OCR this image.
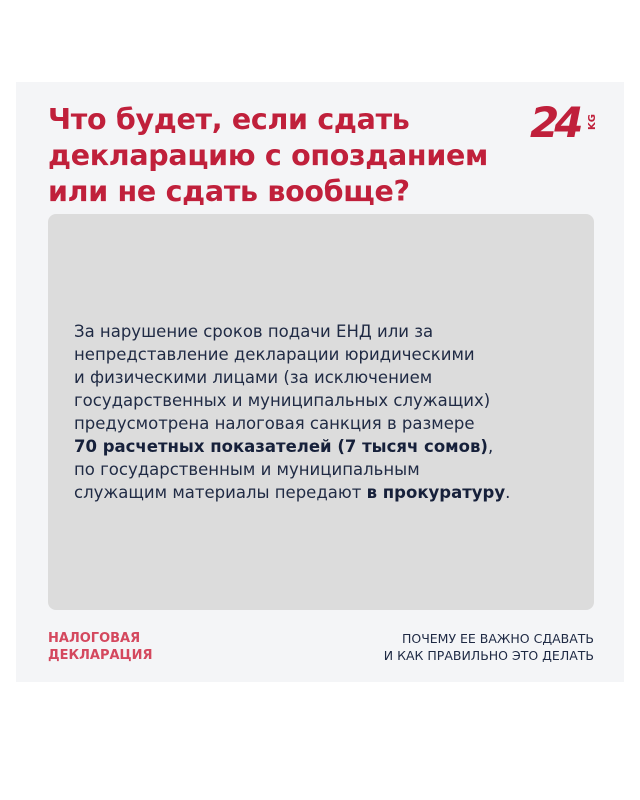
Что будет, если сдать
декларацию с опозданием
или не сдать вообще?
24 KG

За нарушение сроков подачи ЕНД или за
непредставление декларации юридическими
и физическими лицами (за исключением
государственных и муниципальных служащих)
предусмотрена налоговая санкция в размере
70 расчетных показателей (7 тысяч сомов),
по государственным и муниципальным
служащим материалы передают в прокуратуру.

НАЛОГОВАЯ
ДЕКЛАРАЦИЯ
ПОЧЕМУ ЕЕ ВАЖНО СДАВАТЬ
И КАК ПРАВИЛЬНО ЭТО ДЕЛАТЬ
